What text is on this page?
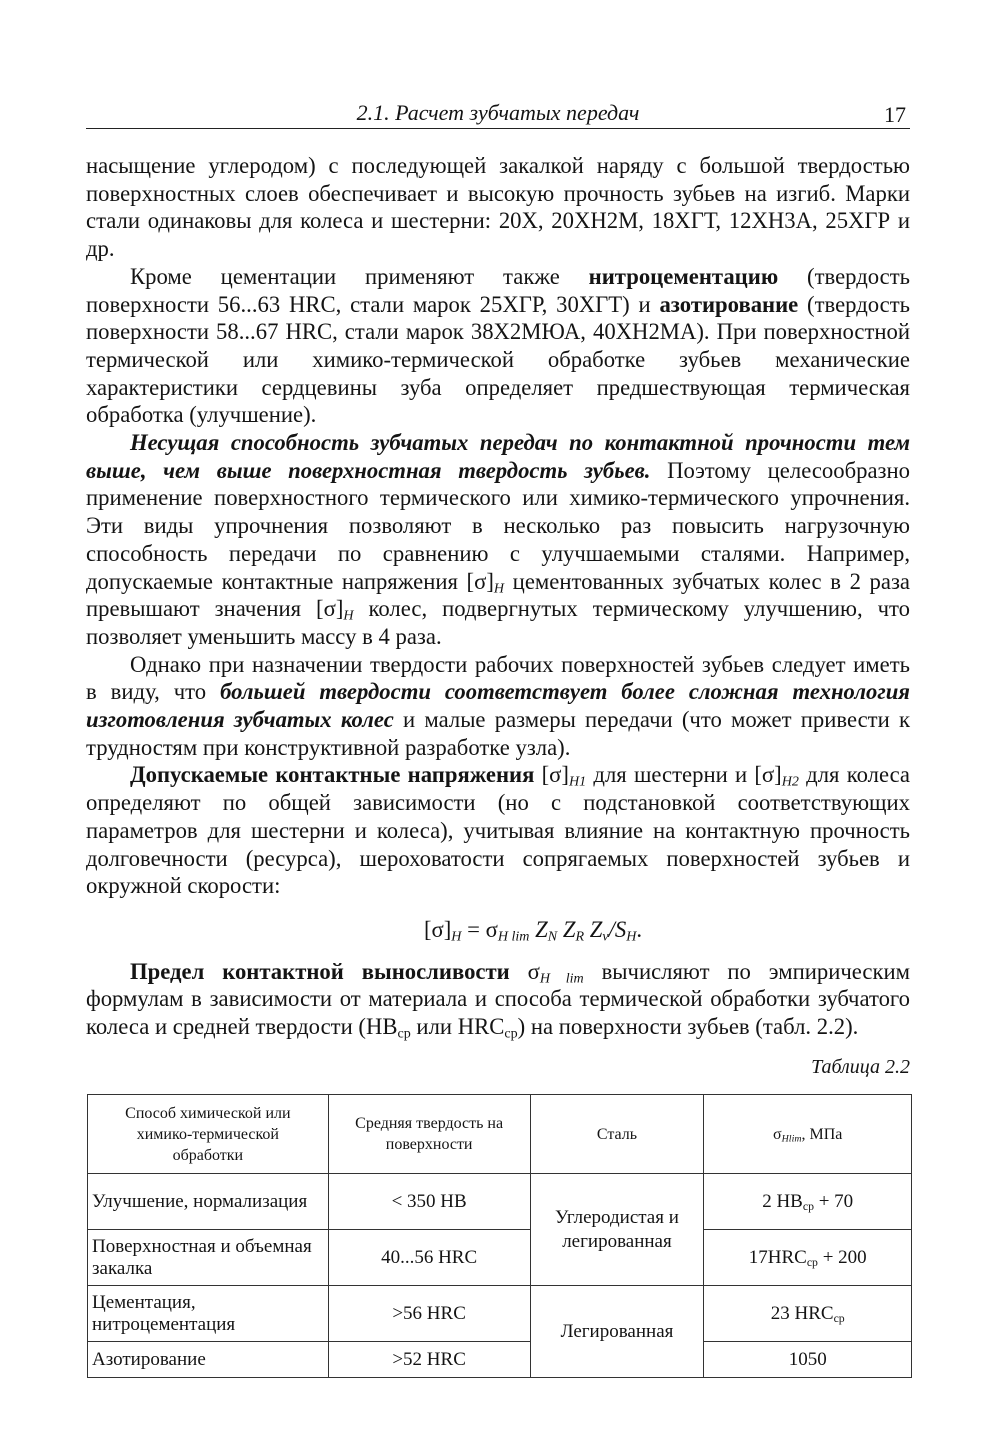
2.1. Расчет зубчатых передач	17

насыщение углеродом) с последующей закалкой наряду с большой твердостью поверхностных слоев обеспечивает и высокую прочность зубьев на изгиб. Марки стали одинаковы для колеса и шестерни: 20Х, 20ХН2М, 18ХГТ, 12ХН3А, 25ХГР и др.

Кроме цементации применяют также нитроцементацию (твердость поверхности 56...63 HRC, стали марок 25ХГР, 30ХГТ) и азотирование (твердость поверхности 58...67 HRC, стали марок 38Х2МЮА, 40ХН2МА). При поверхностной термической или химико-термической обработке зубьев механические характеристики сердцевины зуба определяет предшествующая термическая обработка (улучшение).

Несущая способность зубчатых передач по контактной прочности тем выше, чем выше поверхностная твердость зубьев. Поэтому целесообразно применение поверхностного термического или химико-термического упрочнения. Эти виды упрочнения позволяют в несколько раз повысить нагрузочную способность передачи по сравнению с улучшаемыми сталями. Например, допускаемые контактные напряжения $[\sigma]_H$ цементованных зубчатых колес в 2 раза превышают значения $[\sigma]_H$ колес, подвергнутых термическому улучшению, что позволяет уменьшить массу в 4 раза.

Однако при назначении твердости рабочих поверхностей зубьев следует иметь в виду, что большей твердости соответствует более сложная технология изготовления зубчатых колес и малые размеры передачи (что может привести к трудностям при конструктивной разработке узла).

Допускаемые контактные напряжения $[\sigma]_{H1}$ для шестерни и $[\sigma]_{H2}$ для колеса определяют по общей зависимости (но с подстановкой соответствующих параметров для шестерни и колеса), учитывая влияние на контактную прочность долговечности (ресурса), шероховатости сопрягаемых поверхностей зубьев и окружной скорости:

$[\sigma]_H = \sigma_{H lim}$ $Z_N$ $Z_R$ $Z_v/S_H$.

Предел контактной выносливости $\sigma_{H lim}$ вычисляют по эмпирическим формулам в зависимости от материала и способа термической обработки зубчатого колеса и средней твердости ($HB_{ср}$ или $HRC_{ср}$) на поверхности зубьев (табл. 2.2).

Таблица 2.2
Способ химической или химико-термической обработки	Средняя твердость на поверхности	Сталь	$\sigma_{Hlim}$, МПа
Улучшение, нормализация	< 350 HB	Углеродистая и легированная	2 $HB_{ср} + 70$
Поверхностная и объемная закалка	40...56 HRC		$17HRC_{ср} + 200$
Цементация, нитроцементация	>56 HRC	Легированная	23 $HRC_{ср}$
Азотирование	>52 HRC		1050
